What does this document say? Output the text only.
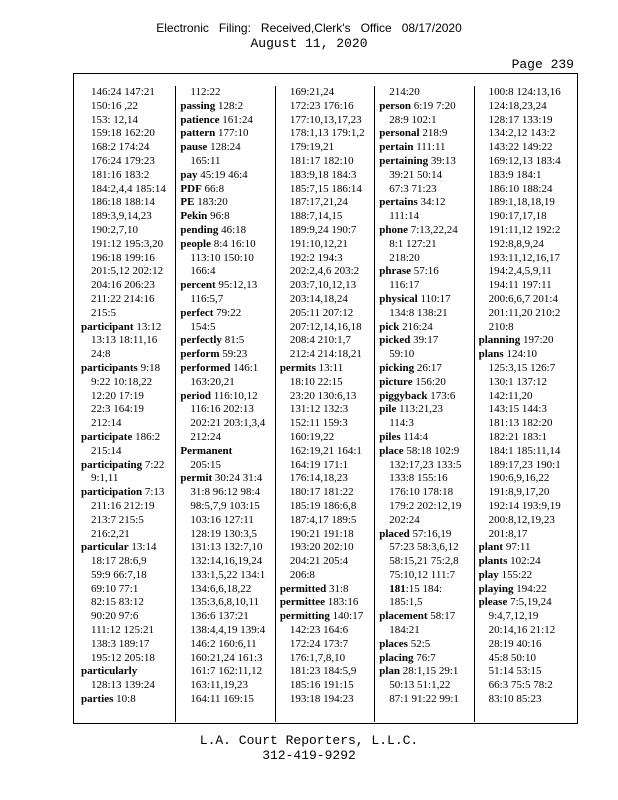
Electronic Filing: Received,Clerk's Office 08/17/2020
August 11, 2020
Page 239
146:24 147:21
150:16 ,22
153: 12,14
159:18 162:20
168:2 174:24
176:24 179:23
181:16 183:2
184:2,4,4 185:14
186:18 188:14
189:3,9,14,23
190:2,7,10
191:12 195:3,20
196:18 199:16
201:5,12 202:12
204:16 206:23
211:22 214:16
215:5
participant 13:12
13:13 18:11,16
24:8
participants 9:18
9:22 10:18,22
12:20 17:19
22:3 164:19
212:14
participate 186:2
215:14
participating 7:22
9:1,11
participation 7:13
211:16 212:19
213:7 215:5
216:2,21
particular 13:14
18:17 28:6,9
59:9 66:7,18
69:10 77:1
82:15 83:12
90:20 97:6
111:12 125:21
138:3 189:17
195:12 205:18
particularly
128:13 139:24
parties 10:8
112:22
passing 128:2
patience 161:24
pattern 177:10
pause 128:24
165:11
pay 45:19 46:4
PDF 66:8
PE 183:20
Pekin 96:8
pending 46:18
people 8:4 16:10
113:10 150:10
166:4
percent 95:12,13
116:5,7
perfect 79:22
154:5
perfectly 81:5
perform 59:23
performed 146:1
163:20,21
period 116:10,12
116:16 202:13
202:21 203:1,3,4
212:24
Permanent
205:15
permit 30:24 31:4
31:8 96:12 98:4
98:5,7,9 103:15
103:16 127:11
128:19 130:3,5
131:13 132:7,10
132:14,16,19,24
133:1,5,22 134:1
134:6,6,18,22
135:3,6,8,10,11
136:6 137:21
138:4,4,19 139:4
146:2 160:6,11
160:21,24 161:3
161:7 162:11,12
163:11,19,23
164:11 169:15
169:21,24
172:23 176:16
177:10,13,17,23
178:1,13 179:1,2
179:19,21
181:17 182:10
183:9,18 184:3
185:7,15 186:14
187:17,21,24
188:7,14,15
189:9,24 190:7
191:10,12,21
192:2 194:3
202:2,4,6 203:2
203:7,10,12,13
203:14,18,24
205:11 207:12
207:12,14,16,18
208:4 210:1,7
212:4 214:18,21
permits 13:11
18:10 22:15
23:20 130:6,13
131:12 132:3
152:11 159:3
160:19,22
162:19,21 164:1
164:19 171:1
176:14,18,23
180:17 181:22
185:19 186:6,8
187:4,17 189:5
190:21 191:18
193:20 202:10
204:21 205:4
206:8
permitted 31:8
permittee 183:16
permitting 140:17
142:23 164:6
172:24 173:7
176:1,7,8,10
181:23 184:5,9
185:16 191:15
193:18 194:23
214:20
person 6:19 7:20
28:9 102:1
personal 218:9
pertain 111:11
pertaining 39:13
39:21 50:14
67:3 71:23
pertains 34:12
111:14
phone 7:13,22,24
8:1 127:21
218:20
phrase 57:16
116:17
physical 110:17
134:8 138:21
pick 216:24
picked 39:17
59:10
picking 26:17
picture 156:20
piggyback 173:6
pile 113:21,23
114:3
piles 114:4
place 58:18 102:9
132:17,23 133:5
133:8 155:16
176:10 178:18
179:2 202:12,19
202:24
placed 57:16,19
57:23 58:3,6,12
58:15,21 75:2,8
75:10,12 111:7
181:15 184:
185:1,5
placement 58:17
184:21
places 52:5
placing 76:7
plan 28:1,15 29:1
50:13 51:1,22
87:1 91:22 99:1
100:8 124:13,16
124:18,23,24
128:17 133:19
134:2,12 143:2
143:22 149:22
169:12,13 183:4
183:9 184:1
186:10 188:24
189:1,18,18,19
190:17,17,18
191:11,12 192:2
192:8,8,9,24
193:11,12,16,17
194:2,4,5,9,11
194:11 197:11
200:6,6,7 201:4
201:11,20 210:2
210:8
planning 197:20
plans 124:10
125:3,15 126:7
130:1 137:12
142:11,20
143:15 144:3
181:13 182:20
182:21 183:1
184:1 185:11,14
189:17,23 190:1
190:6,9,16,22
191:8,9,17,20
192:14 193:9,19
200:8,12,19,23
201:8,17
plant 97:11
plants 102:24
play 155:22
playing 194:22
please 7:5,19,24
9:4,7,12,19
20:14,16 21:12
28:19 40:16
45:8 50:10
51:14 53:15
66:3 75:5 78:2
83:10 85:23
L.A. Court Reporters, L.L.C.
312-419-9292
